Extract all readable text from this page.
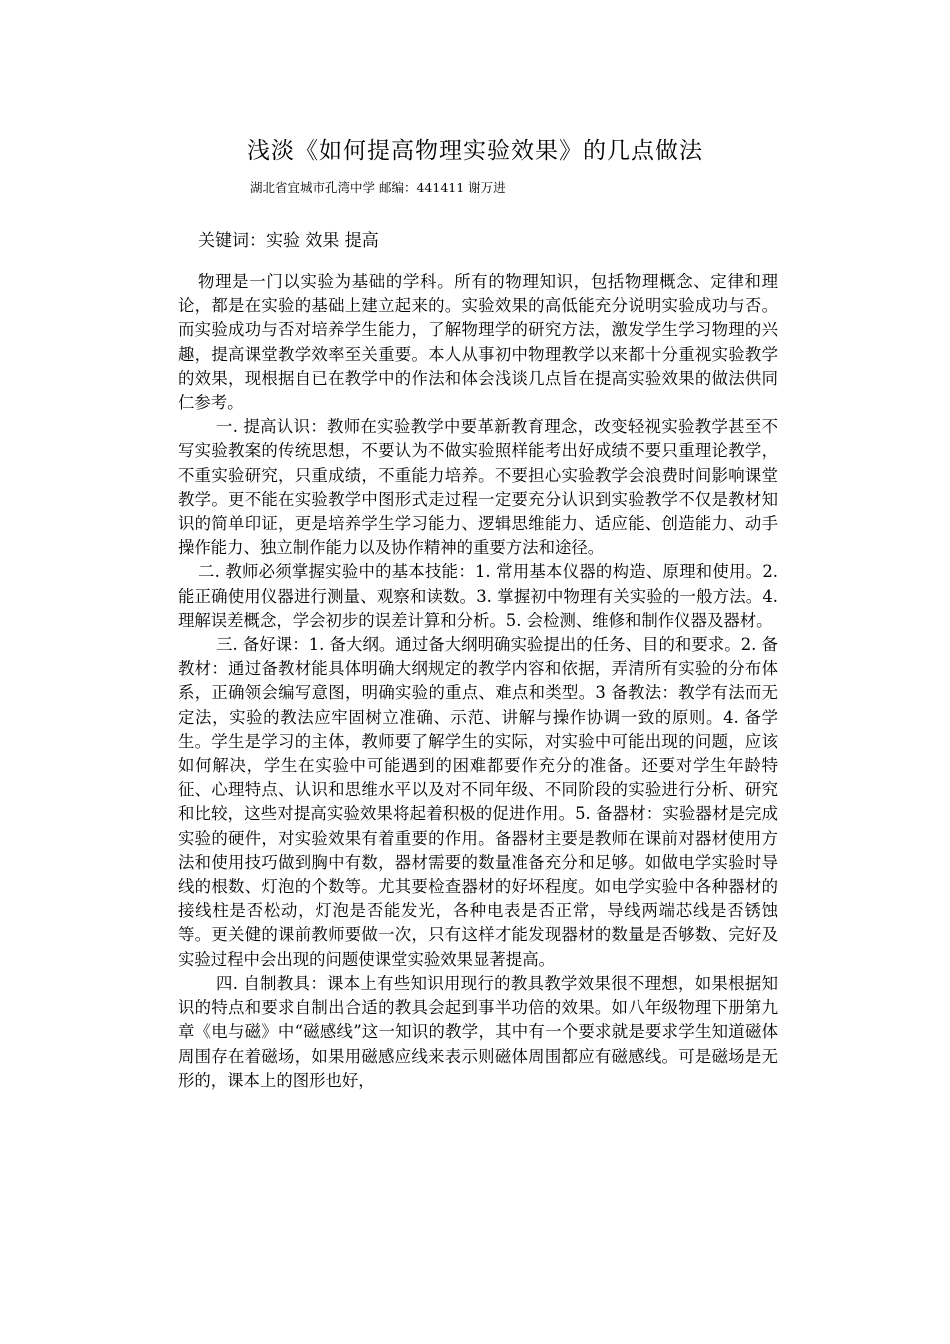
浅淡《如何提高物理实验效果》的几点做法
湖北省宜城市孔湾中学 邮编：441411 谢万进
关键词：实验 效果 提高

物理是一门以实验为基础的学科。所有的物理知识，包括物理概念、定律和理论，都是在实验的基础上建立起来的。实验效果的高低能充分说明实验成功与否。而实验成功与否对培养学生能力，了解物理学的研究方法，激发学生学习物理的兴趣，提高课堂教学效率至关重要。本人从事初中物理教学以来都十分重视实验教学的效果，现根据自已在教学中的作法和体会浅谈几点旨在提高实验效果的做法供同仁参考。

一. 提高认识：教师在实验教学中要革新教育理念，改变轻视实验教学甚至不写实验教案的传统思想，不要认为不做实验照样能考出好成绩不要只重理论教学，不重实验研究，只重成绩，不重能力培养。不要担心实验教学会浪费时间影响课堂教学。更不能在实验教学中图形式走过程一定要充分认识到实验教学不仅是教材知识的简单印证，更是培养学生学习能力、逻辑思维能力、适应能、创造能力、动手操作能力、独立制作能力以及协作精神的重要方法和途径。

二. 教师必须掌握实验中的基本技能：1. 常用基本仪器的构造、原理和使用。2. 能正确使用仪器进行测量、观察和读数。3. 掌握初中物理有关实验的一般方法。4. 理解误差概念，学会初步的误差计算和分析。5. 会检测、维修和制作仪器及器材。

三. 备好课：1. 备大纲。通过备大纲明确实验提出的任务、目的和要求。2. 备教材：通过备教材能具体明确大纲规定的教学内容和依据，弄清所有实验的分布体系，正确领会编写意图，明确实验的重点、难点和类型。3 备教法：教学有法而无定法，实验的教法应牢固树立准确、示范、讲解与操作协调一致的原则。4. 备学生。学生是学习的主体，教师要了解学生的实际，对实验中可能出现的问题，应该如何解决，学生在实验中可能遇到的困难都要作充分的准备。还要对学生年龄特征、心理特点、认识和思维水平以及对不同年级、不同阶段的实验进行分析、研究和比较，这些对提高实验效果将起着积极的促进作用。5. 备器材：实验器材是完成实验的硬件，对实验效果有着重要的作用。备器材主要是教师在课前对器材使用方法和使用技巧做到胸中有数，器材需要的数量准备充分和足够。如做电学实验时导线的根数、灯泡的个数等。尤其要检查器材的好坏程度。如电学实验中各种器材的接线柱是否松动，灯泡是否能发光，各种电表是否正常，导线两端芯线是否锈蚀等。更关健的课前教师要做一次，只有这样才能发现器材的数量是否够数、完好及实验过程中会出现的问题使课堂实验效果显著提高。

四. 自制教具：课本上有些知识用现行的教具教学效果很不理想，如果根据知识的特点和要求自制出合适的教具会起到事半功倍的效果。如八年级物理下册第九章《电与磁》中“磁感线”这一知识的教学，其中有一个要求就是要求学生知道磁体周围存在着磁场，如果用磁感应线来表示则磁体周围都应有磁感线。可是磁场是无形的，课本上的图形也好，
